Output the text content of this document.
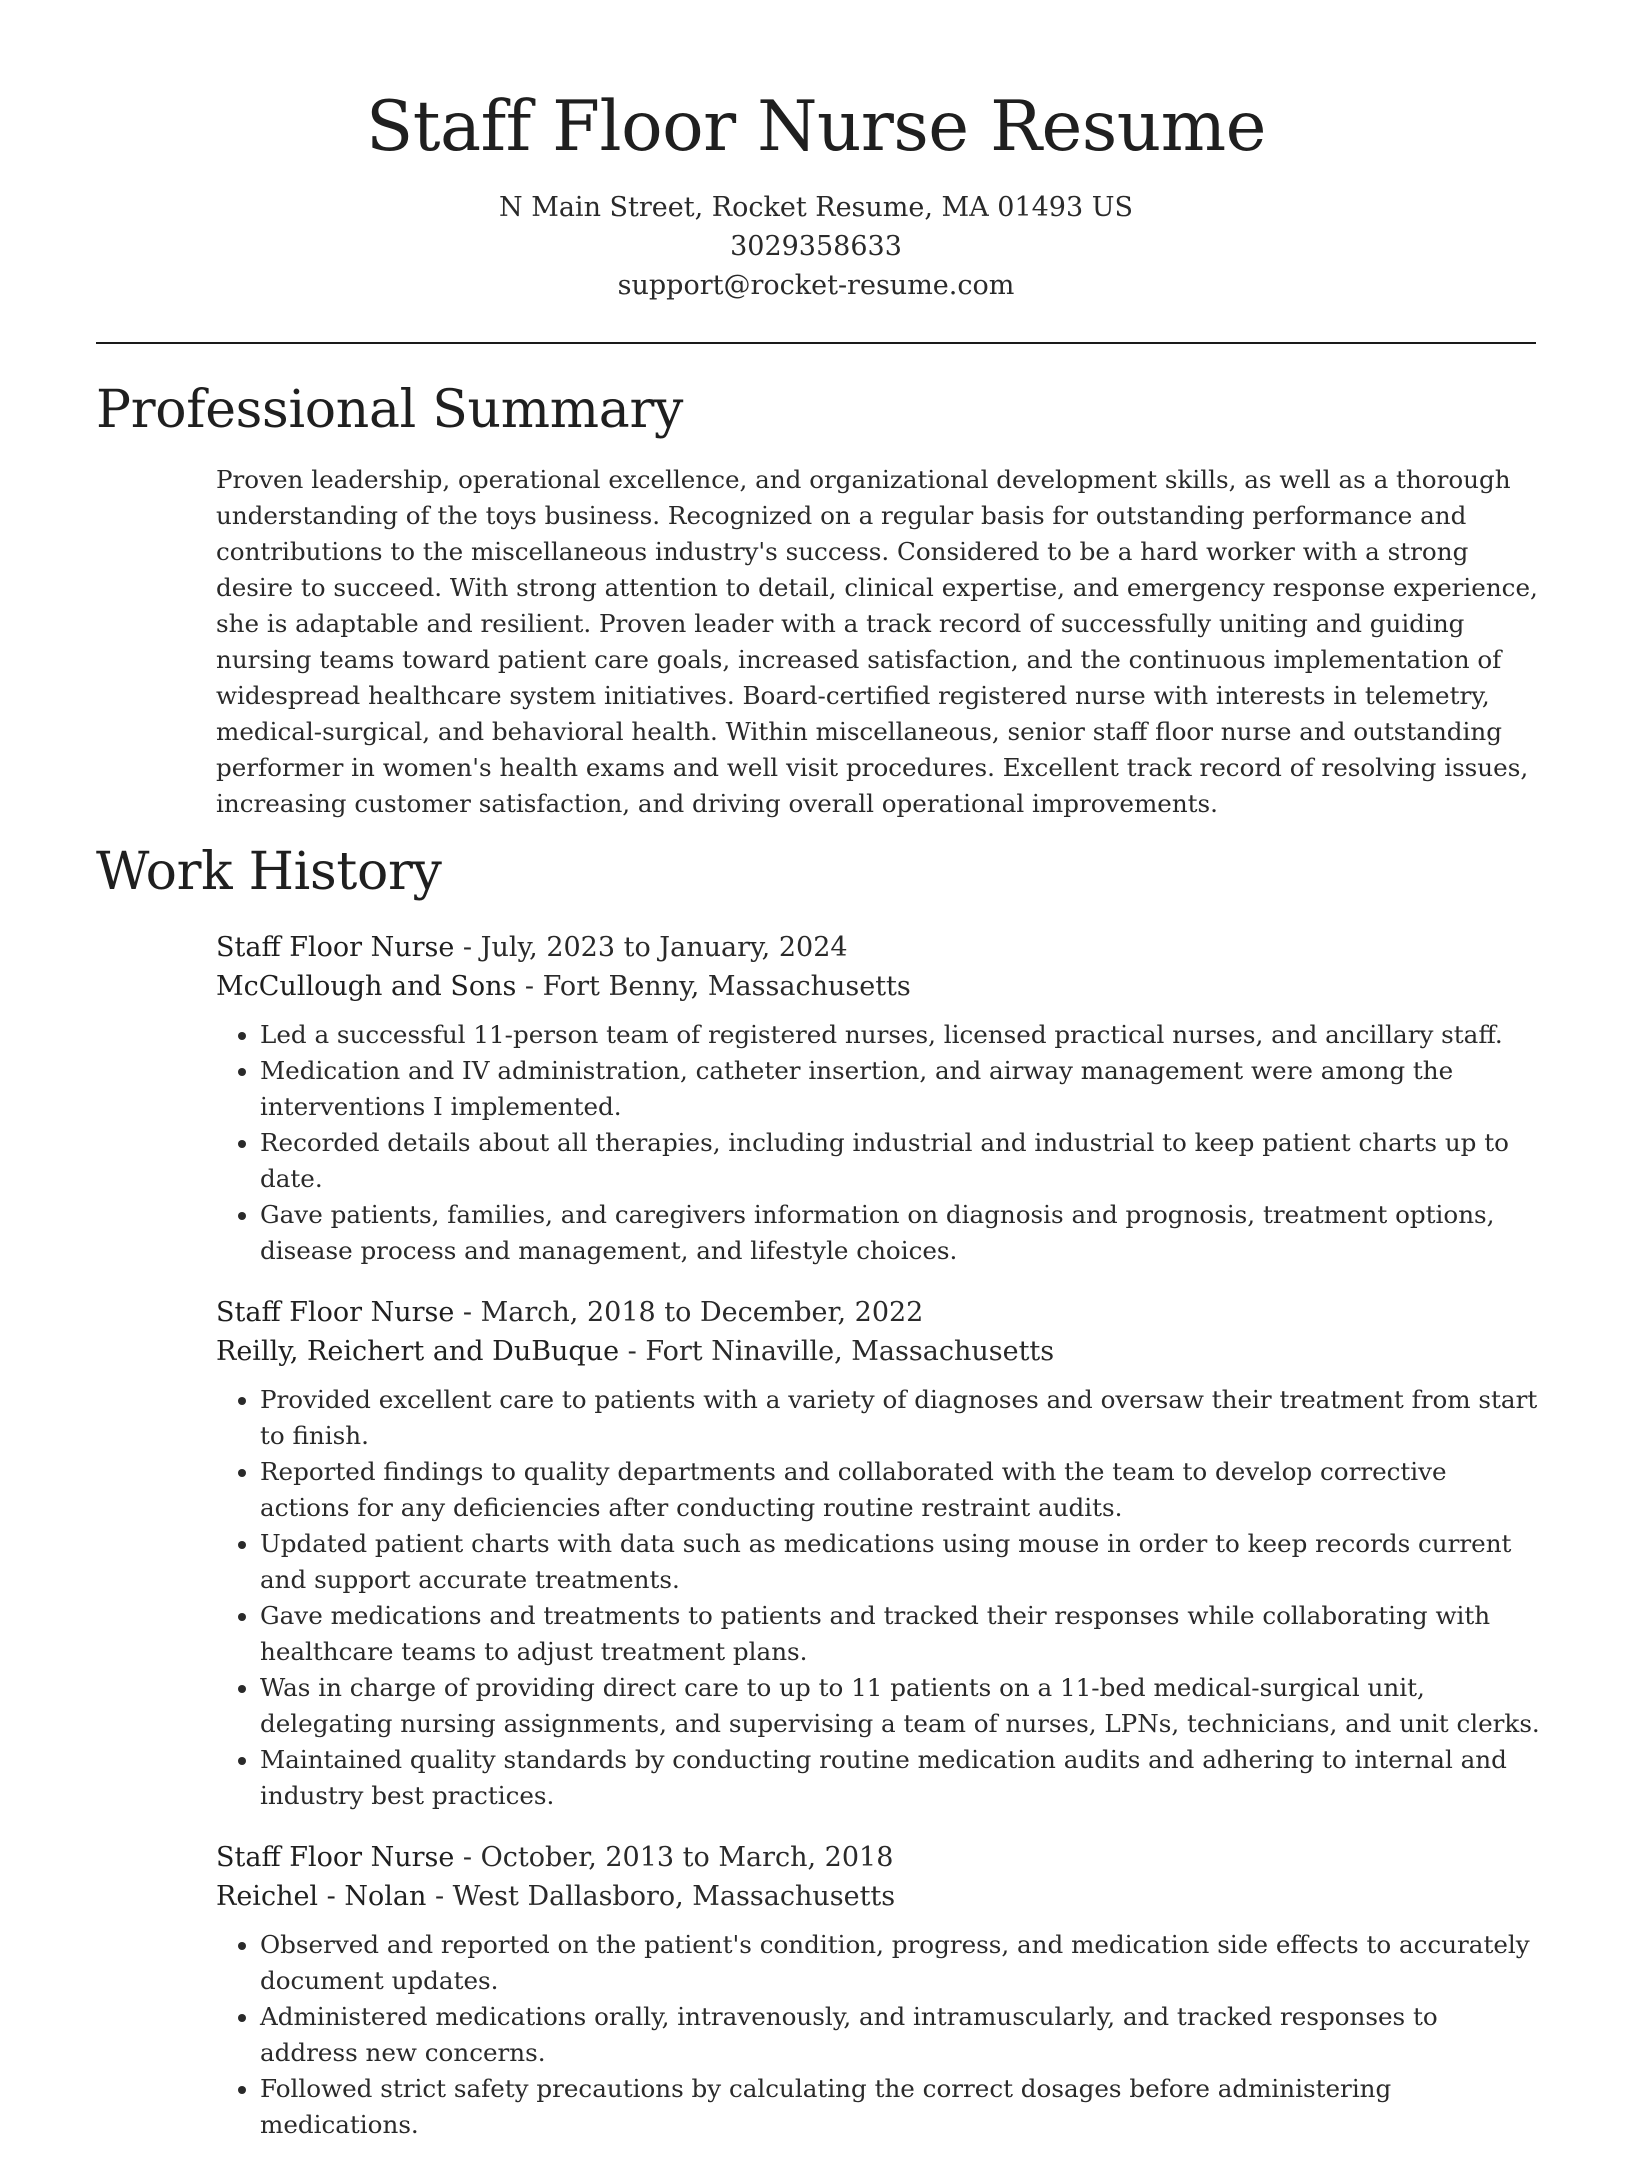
Staff Floor Nurse Resume
N Main Street, Rocket Resume, MA 01493 US
3029358633
support@rocket-resume.com
Professional Summary

Proven leadership, operational excellence, and organizational development skills, as well as a thorough understanding of the toys business. Recognized on a regular basis for outstanding performance and contributions to the miscellaneous industry's success. Considered to be a hard worker with a strong desire to succeed. With strong attention to detail, clinical expertise, and emergency response experience, she is adaptable and resilient. Proven leader with a track record of successfully uniting and guiding nursing teams toward patient care goals, increased satisfaction, and the continuous implementation of widespread healthcare system initiatives. Board-certified registered nurse with interests in telemetry, medical-surgical, and behavioral health. Within miscellaneous, senior staff floor nurse and outstanding performer in women's health exams and well visit procedures. Excellent track record of resolving issues, increasing customer satisfaction, and driving overall operational improvements.

Work History
Staff Floor Nurse - July, 2023 to January, 2024
McCullough and Sons - Fort Benny, Massachusetts
• Led a successful 11-person team of registered nurses, licensed practical nurses, and ancillary staff.
• Medication and IV administration, catheter insertion, and airway management were among the interventions I implemented.
• Recorded details about all therapies, including industrial and industrial to keep patient charts up to date.
• Gave patients, families, and caregivers information on diagnosis and prognosis, treatment options, disease process and management, and lifestyle choices.
Staff Floor Nurse - March, 2018 to December, 2022
Reilly, Reichert and DuBuque - Fort Ninaville, Massachusetts
• Provided excellent care to patients with a variety of diagnoses and oversaw their treatment from start to finish.
• Reported findings to quality departments and collaborated with the team to develop corrective actions for any deficiencies after conducting routine restraint audits.
• Updated patient charts with data such as medications using mouse in order to keep records current and support accurate treatments.
• Gave medications and treatments to patients and tracked their responses while collaborating with healthcare teams to adjust treatment plans.
• Was in charge of providing direct care to up to 11 patients on a 11-bed medical-surgical unit, delegating nursing assignments, and supervising a team of nurses, LPNs, technicians, and unit clerks.
• Maintained quality standards by conducting routine medication audits and adhering to internal and industry best practices.
Staff Floor Nurse - October, 2013 to March, 2018
Reichel - Nolan - West Dallasboro, Massachusetts
• Observed and reported on the patient's condition, progress, and medication side effects to accurately document updates.
• Administered medications orally, intravenously, and intramuscularly, and tracked responses to address new concerns.
• Followed strict safety precautions by calculating the correct dosages before administering medications.
